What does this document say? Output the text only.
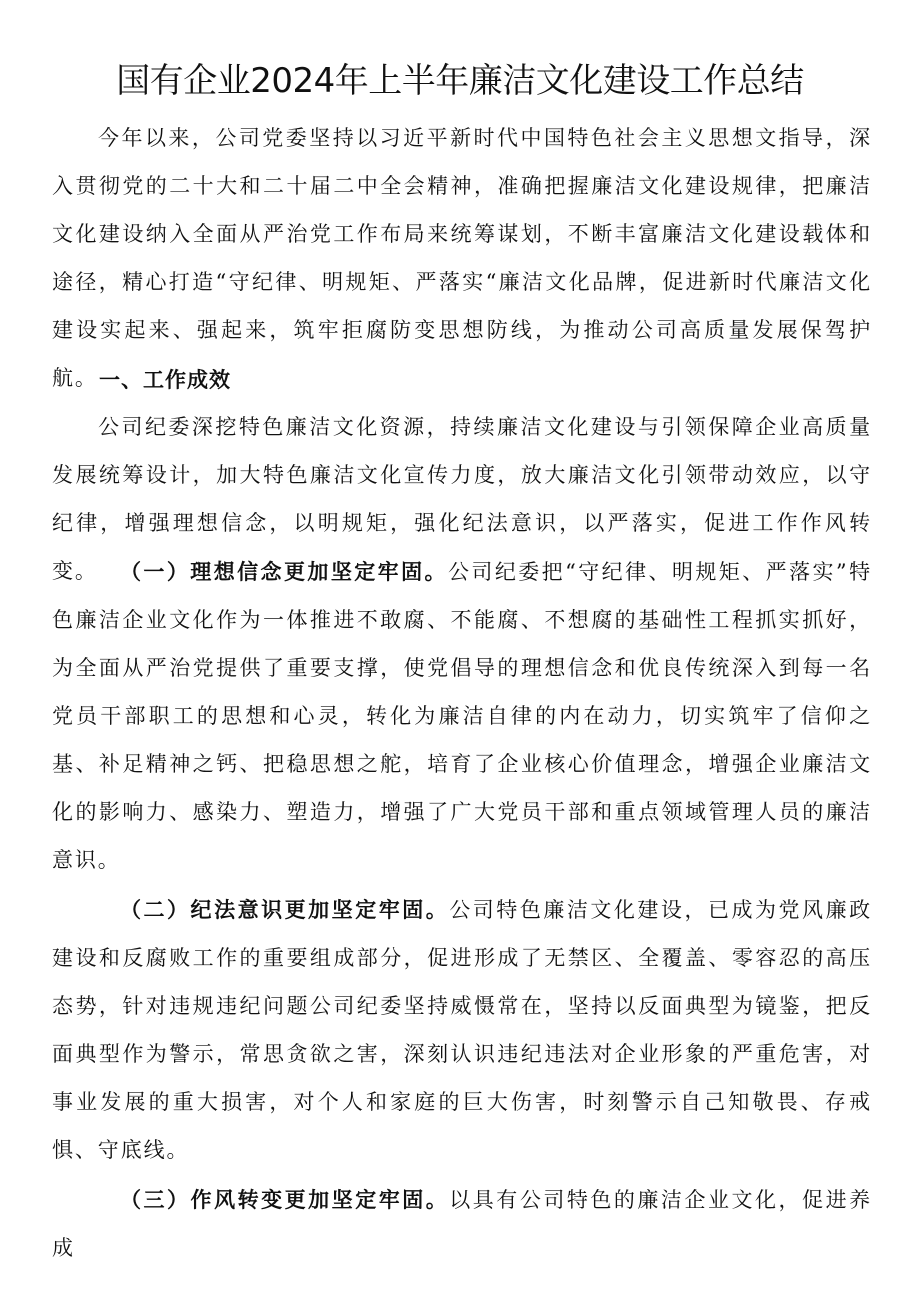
国有企业2024年上半年廉洁文化建设工作总结

今年以来，公司党委坚持以习近平新时代中国特色社会主义思想文指导，深入贯彻党的二十大和二十届二中全会精神，准确把握廉洁文化建设规律，把廉洁文化建设纳入全面从严治党工作布局来统筹谋划，不断丰富廉洁文化建设载体和途径，精心打造“守纪律、明规矩、严落实“廉洁文化品牌，促进新时代廉洁文化建设实起来、强起来，筑牢拒腐防变思想防线，为推动公司高质量发展保驾护航。 一、工作成效

公司纪委深挖特色廉洁文化资源，持续廉洁文化建设与引领保障企业高质量发展统筹设计，加大特色廉洁文化宣传力度，放大廉洁文化引领带动效应，以守纪律，增强理想信念，以明规矩，强化纪法意识，以严落实，促进工作作风转变。	（一）理想信念更加坚定牢固。公司纪委把“守纪律、明规矩、严落实”特色廉洁企业文化作为一体推进不敢腐、不能腐、不想腐的基础性工程抓实抓好，为全面从严治党提供了重要支撑，使党倡导的理想信念和优良传统深入到每一名党员干部职工的思想和心灵，转化为廉洁自律的内在动力，切实筑牢了信仰之基、补足精神之钙、把稳思想之舵，培育了企业核心价值理念，增强企业廉洁文化的影响力、感染力、塑造力，增强了广大党员干部和重点领域管理人员的廉洁意识。

（二）纪法意识更加坚定牢固。公司特色廉洁文化建设，已成为党风廉政建设和反腐败工作的重要组成部分，促进形成了无禁区、全覆盖、零容忍的高压态势，针对违规违纪问题公司纪委坚持威慑常在，坚持以反面典型为镜鉴，把反面典型作为警示，常思贪欲之害，深刻认识违纪违法对企业形象的严重危害，对事业发展的重大损害，对个人和家庭的巨大伤害，时刻警示自己知敬畏、存戒惧、守底线。

（三）作风转变更加坚定牢固。以具有公司特色的廉洁企业文化，促进养成
